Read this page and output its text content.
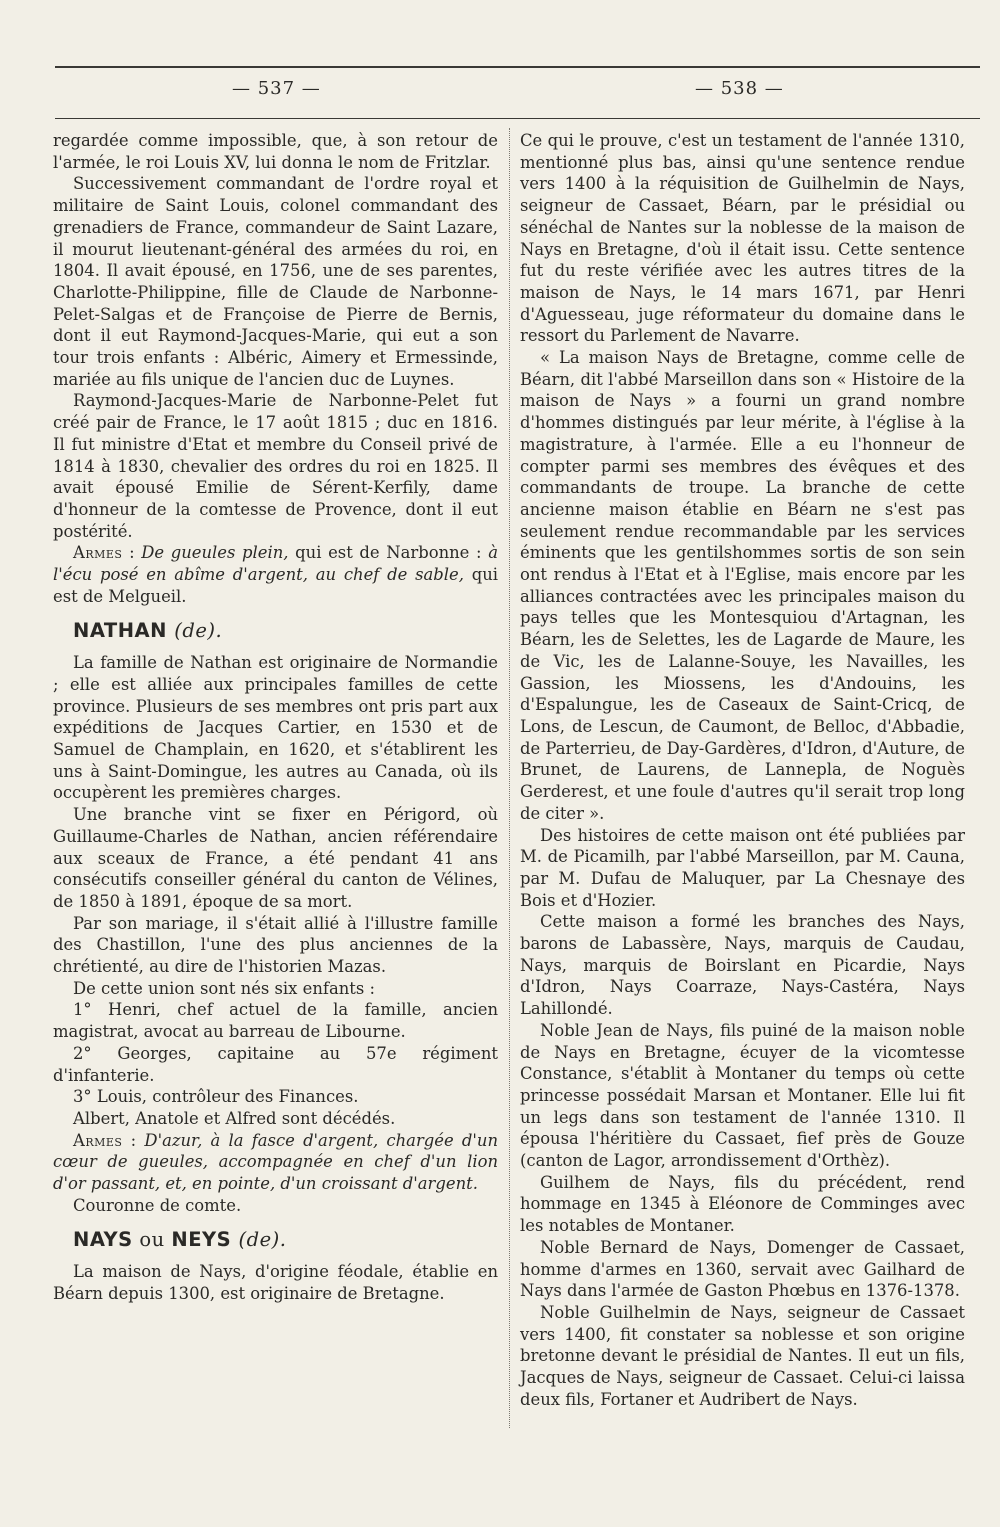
— 537 —	— 538 —

regardée comme impossible, que, à son retour de l'armée, le roi Louis XV, lui donna le nom de Fritzlar.

Successivement commandant de l'ordre royal et militaire de Saint Louis, colonel commandant des grenadiers de France, commandeur de Saint Lazare, il mourut lieutenant-général des armées du roi, en 1804. Il avait épousé, en 1756, une de ses parentes, Charlotte-Philippine, fille de Claude de Narbonne-Pelet-Salgas et de Françoise de Pierre de Bernis, dont il eut Raymond-Jacques-Marie, qui eut a son tour trois enfants : Albéric, Aimery et Ermessinde, mariée au fils unique de l'ancien duc de Luynes.

Raymond-Jacques-Marie de Narbonne-Pelet fut créé pair de France, le 17 août 1815 ; duc en 1816. Il fut ministre d'Etat et membre du Conseil privé de 1814 à 1830, chevalier des ordres du roi en 1825. Il avait épousé Emilie de Sérent-Kerfily, dame d'honneur de la comtesse de Provence, dont il eut postérité.

Armes : De gueules plein, qui est de Narbonne : à l'écu posé en abîme d'argent, au chef de sable, qui est de Melgueil.

NATHAN (de).

La famille de Nathan est originaire de Normandie ; elle est alliée aux principales familles de cette province. Plusieurs de ses membres ont pris part aux expéditions de Jacques Cartier, en 1530 et de Samuel de Champlain, en 1620, et s'établirent les uns à Saint-Domingue, les autres au Canada, où ils occupèrent les premières charges.

Une branche vint se fixer en Périgord, où Guillaume-Charles de Nathan, ancien référendaire aux sceaux de France, a été pendant 41 ans consécutifs conseiller général du canton de Vélines, de 1850 à 1891, époque de sa mort.

Par son mariage, il s'était allié à l'illustre famille des Chastillon, l'une des plus anciennes de la chrétienté, au dire de l'historien Mazas.

De cette union sont nés six enfants :

1° Henri, chef actuel de la famille, ancien magistrat, avocat au barreau de Libourne.

2° Georges, capitaine au 57e régiment d'infanterie.

3° Louis, contrôleur des Finances.

Albert, Anatole et Alfred sont décédés.

Armes : D'azur, à la fasce d'argent, chargée d'un cœur de gueules, accompagnée en chef d'un lion d'or passant, et, en pointe, d'un croissant d'argent.

Couronne de comte.

NAYS ou NEYS (de).

La maison de Nays, d'origine féodale, établie en Béarn depuis 1300, est originaire de Bretagne.

Ce qui le prouve, c'est un testament de l'année 1310, mentionné plus bas, ainsi qu'une sentence rendue vers 1400 à la réquisition de Guilhelmin de Nays, seigneur de Cassaet, Béarn, par le présidial ou sénéchal de Nantes sur la noblesse de la maison de Nays en Bretagne, d'où il était issu. Cette sentence fut du reste vérifiée avec les autres titres de la maison de Nays, le 14 mars 1671, par Henri d'Aguesseau, juge réformateur du domaine dans le ressort du Parlement de Navarre.

« La maison Nays de Bretagne, comme celle de Béarn, dit l'abbé Marseillon dans son « Histoire de la maison de Nays » a fourni un grand nombre d'hommes distingués par leur mérite, à l'église à la magistrature, à l'armée. Elle a eu l'honneur de compter parmi ses membres des évêques et des commandants de troupe. La branche de cette ancienne maison établie en Béarn ne s'est pas seulement rendue recommandable par les services éminents que les gentilshommes sortis de son sein ont rendus à l'Etat et à l'Eglise, mais encore par les alliances contractées avec les principales maison du pays telles que les Montesquiou d'Artagnan, les Béarn, les de Selettes, les de Lagarde de Maure, les de Vic, les de Lalanne-Souye, les Navailles, les Gassion, les Miossens, les d'Andouins, les d'Espalungue, les de Caseaux de Saint-Cricq, de Lons, de Lescun, de Caumont, de Belloc, d'Abbadie, de Parterrieu, de Day-Gardères, d'Idron, d'Auture, de Brunet, de Laurens, de Lannepla, de Noguès Gerderest, et une foule d'autres qu'il serait trop long de citer ».

Des histoires de cette maison ont été publiées par M. de Picamilh, par l'abbé Marseillon, par M. Cauna, par M. Dufau de Maluquer, par La Chesnaye des Bois et d'Hozier.

Cette maison a formé les branches des Nays, barons de Labassère, Nays, marquis de Caudau, Nays, marquis de Boirslant en Picardie, Nays d'Idron, Nays Coarraze, Nays-Castéra, Nays Lahillondé.

Noble Jean de Nays, fils puiné de la maison noble de Nays en Bretagne, écuyer de la vicomtesse Constance, s'établit à Montaner du temps où cette princesse possédait Marsan et Montaner. Elle lui fit un legs dans son testament de l'année 1310. Il épousa l'héritière du Cassaet, fief près de Gouze (canton de Lagor, arrondissement d'Orthèz).

Guilhem de Nays, fils du précédent, rend hommage en 1345 à Eléonore de Comminges avec les notables de Montaner.

Noble Bernard de Nays, Domenger de Cassaet, homme d'armes en 1360, servait avec Gailhard de Nays dans l'armée de Gaston Phœbus en 1376-1378.

Noble Guilhelmin de Nays, seigneur de Cassaet vers 1400, fit constater sa noblesse et son origine bretonne devant le présidial de Nantes. Il eut un fils, Jacques de Nays, seigneur de Cassaet. Celui-ci laissa deux fils, Fortaner et Audribert de Nays.
